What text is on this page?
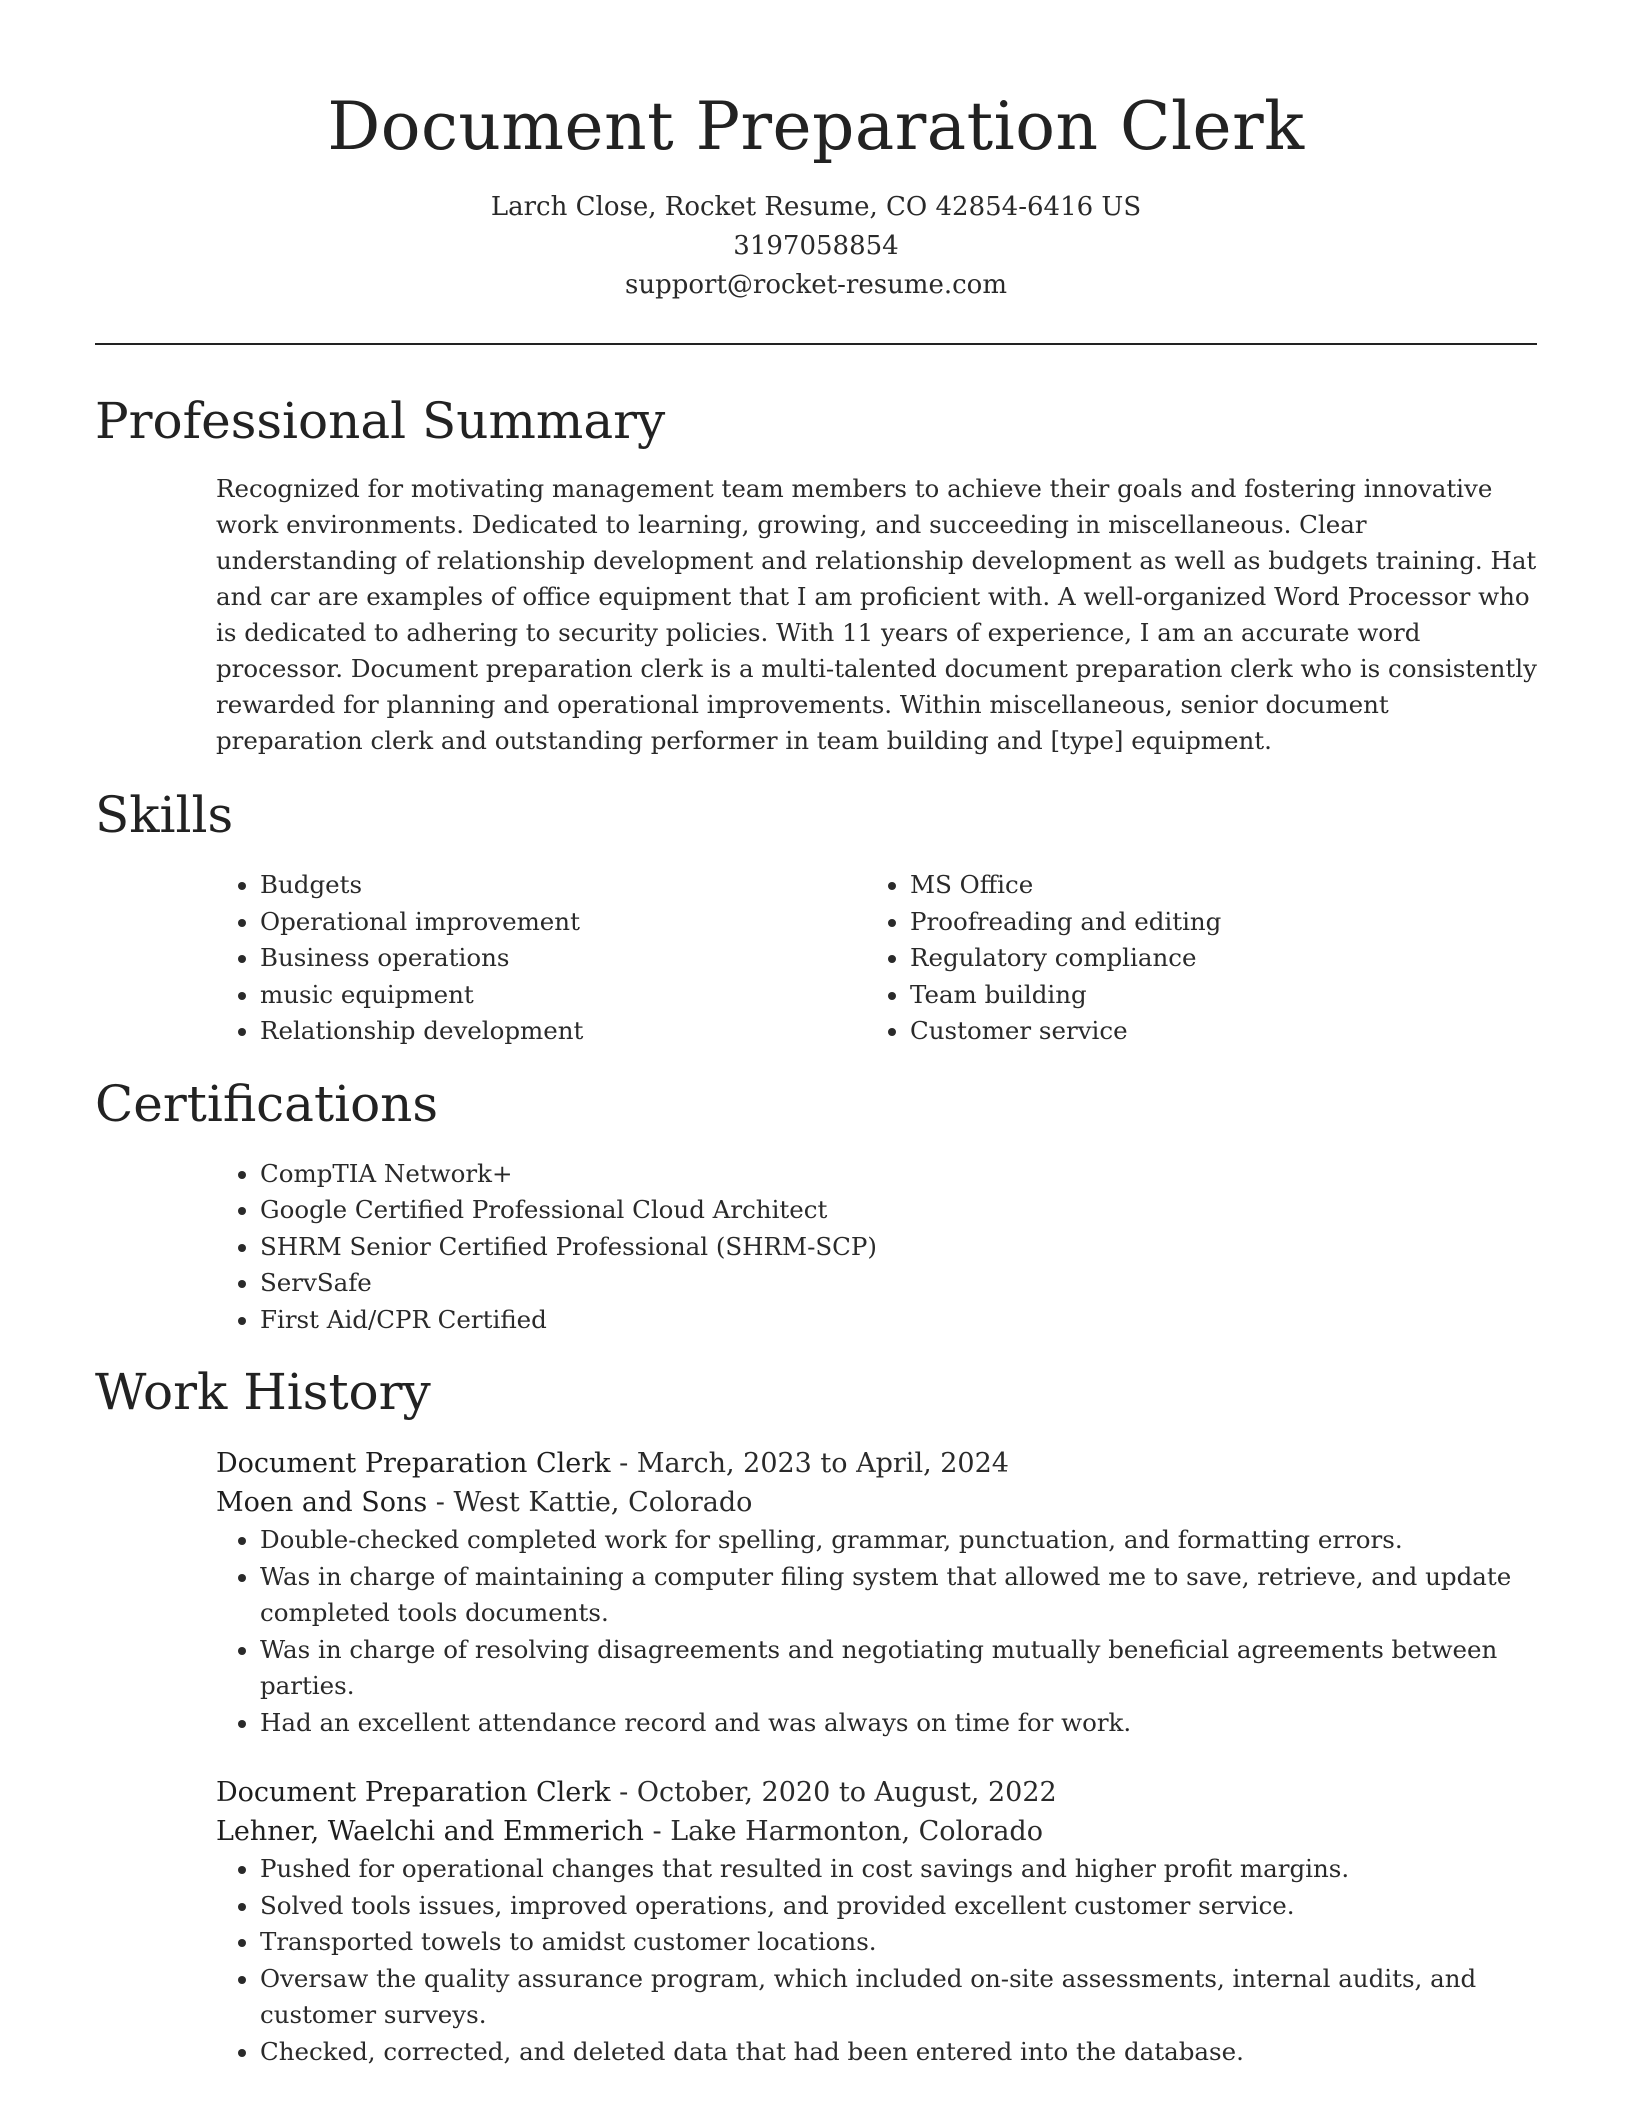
Document Preparation Clerk
Larch Close, Rocket Resume, CO 42854-6416 US
3197058854
support@rocket-resume.com
Professional Summary

Recognized for motivating management team members to achieve their goals and fostering innovative work environments. Dedicated to learning, growing, and succeeding in miscellaneous. Clear understanding of relationship development and relationship development as well as budgets training. Hat and car are examples of office equipment that I am proficient with. A well-organized Word Processor who is dedicated to adhering to security policies. With 11 years of experience, I am an accurate word processor. Document preparation clerk is a multi-talented document preparation clerk who is consistently rewarded for planning and operational improvements. Within miscellaneous, senior document preparation clerk and outstanding performer in team building and [type] equipment.

Skills
• Budgets
• Operational improvement
• Business operations
• music equipment
• Relationship development
• MS Office
• Proofreading and editing
• Regulatory compliance
• Team building
• Customer service
Certifications
• CompTIA Network+
• Google Certified Professional Cloud Architect
• SHRM Senior Certified Professional (SHRM-SCP)
• ServSafe
• First Aid/CPR Certified
Work History
Document Preparation Clerk - March, 2023 to April, 2024
Moen and Sons - West Kattie, Colorado
• Double-checked completed work for spelling, grammar, punctuation, and formatting errors.
• Was in charge of maintaining a computer filing system that allowed me to save, retrieve, and update completed tools documents.
• Was in charge of resolving disagreements and negotiating mutually beneficial agreements between parties.
• Had an excellent attendance record and was always on time for work.
Document Preparation Clerk - October, 2020 to August, 2022
Lehner, Waelchi and Emmerich - Lake Harmonton, Colorado
• Pushed for operational changes that resulted in cost savings and higher profit margins.
• Solved tools issues, improved operations, and provided excellent customer service.
• Transported towels to amidst customer locations.
• Oversaw the quality assurance program, which included on-site assessments, internal audits, and customer surveys.
• Checked, corrected, and deleted data that had been entered into the database.
